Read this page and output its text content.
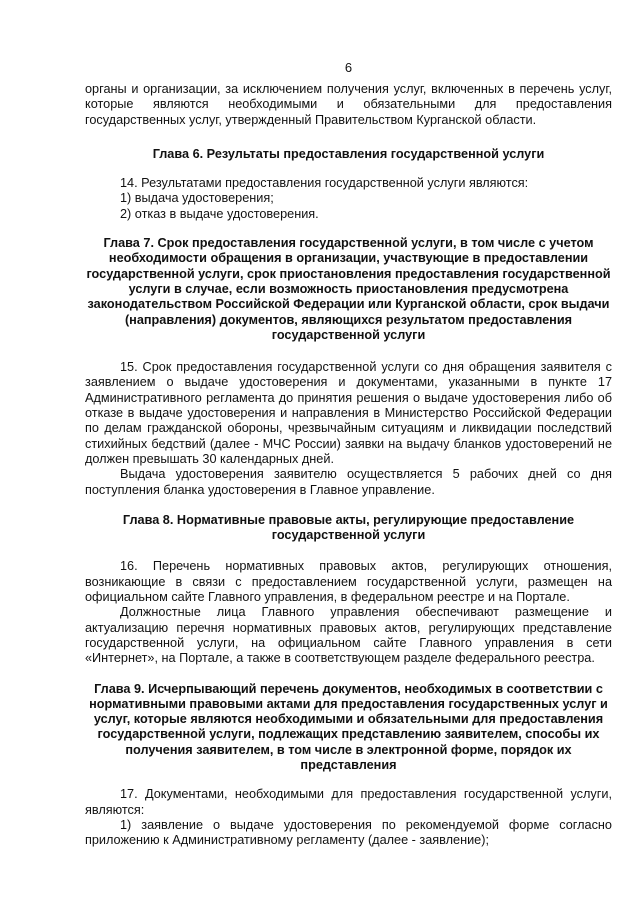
6

органы и организации, за исключением получения услуг, включенных в перечень услуг, которые являются необходимыми и обязательными для предоставления государственных услуг, утвержденный Правительством Курганской области.

Глава 6. Результаты предоставления государственной услуги

14. Результатами предоставления государственной услуги являются:

1) выдача удостоверения;

2) отказ в выдаче удостоверения.

Глава 7. Срок предоставления государственной услуги, в том числе с учетом необходимости обращения в организации, участвующие в предоставлении государственной услуги, срок приостановления предоставления государственной услуги в случае, если возможность приостановления предусмотрена законодательством Российской Федерации или Курганской области, срок выдачи (направления) документов, являющихся результатом предоставления государственной услуги

15. Срок предоставления государственной услуги со дня обращения заявителя с заявлением о выдаче удостоверения и документами, указанными в пункте 17 Административного регламента до принятия решения о выдаче удостоверения либо об отказе в выдаче удостоверения и направления в Министерство Российской Федерации по делам гражданской обороны, чрезвычайным ситуациям и ликвидации последствий стихийных бедствий (далее - МЧС России) заявки на выдачу бланков удостоверений не должен превышать 30 календарных дней.

Выдача удостоверения заявителю осуществляется 5 рабочих дней со дня поступления бланка удостоверения в Главное управление.

Глава 8. Нормативные правовые акты, регулирующие предоставление государственной услуги

16. Перечень нормативных правовых актов, регулирующих отношения, возникающие в связи с предоставлением государственной услуги, размещен на официальном сайте Главного управления, в федеральном реестре и на Портале.

Должностные лица Главного управления обеспечивают размещение и актуализацию перечня нормативных правовых актов, регулирующих представление государственной услуги, на официальном сайте Главного управления в сети «Интернет», на Портале, а также в соответствующем разделе федерального реестра.

Глава 9. Исчерпывающий перечень документов, необходимых в соответствии с нормативными правовыми актами для предоставления государственных услуг и услуг, которые являются необходимыми и обязательными для предоставления государственной услуги, подлежащих представлению заявителем, способы их получения заявителем, в том числе в электронной форме, порядок их представления

17. Документами, необходимыми для предоставления государственной услуги, являются:

1) заявление о выдаче удостоверения по рекомендуемой форме согласно приложению к Административному регламенту (далее - заявление);
